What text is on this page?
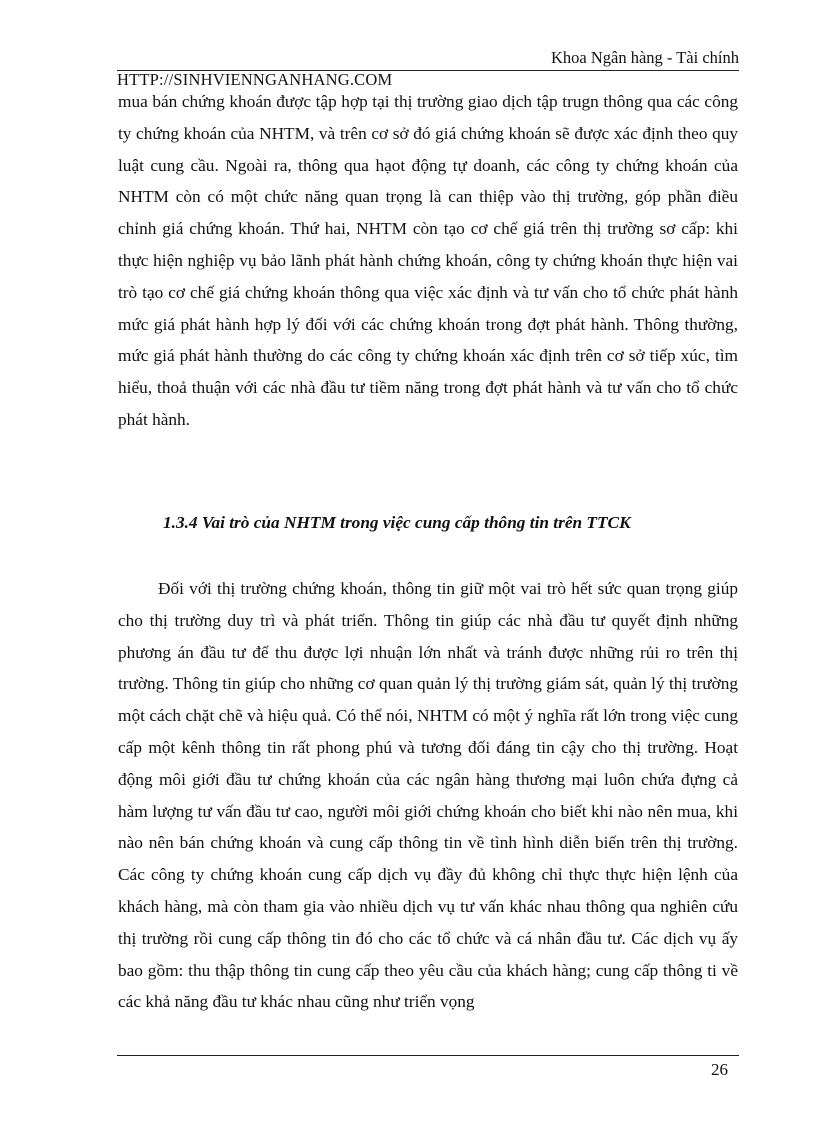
Khoa Ngân hàng - Tài chính
HTTP://SINHVIENNGANHANG.COM
mua bán chứng khoán được tập hợp tại thị trường giao dịch tập trugn thông qua các công ty chứng khoán của NHTM, và trên cơ sở đó giá chứng khoán sẽ được xác định theo quy luật cung cầu. Ngoài ra, thông qua hạot động tự doanh, các công ty chứng khoán của NHTM còn có một chức năng quan trọng là can thiệp vào thị trường, góp phần điều chỉnh giá chứng khoán. Thứ hai, NHTM còn tạo cơ chế giá trên thị trường sơ cấp: khi thực hiện nghiệp vụ bảo lãnh phát hành chứng khoán, công ty chứng khoán thực hiện vai trò tạo cơ chế giá chứng khoán thông qua việc xác định và tư vấn cho tổ chức phát hành mức giá phát hành hợp lý đối với các chứng khoán trong đợt phát hành. Thông thường, mức giá phát hành thường do các công ty chứng khoán xác định trên cơ sở tiếp xúc, tìm hiểu, thoả thuận với các nhà đầu tư tiềm năng trong đợt phát hành và tư vấn cho tổ chức phát hành.
1.3.4 Vai trò của NHTM trong việc cung cấp thông tin trên TTCK
Đối với thị trường chứng khoán, thông tin giữ một vai trò hết sức quan trọng giúp cho thị trường duy trì và phát triển. Thông tin giúp các nhà đầu tư quyết định những phương án đầu tư để thu được lợi nhuận lớn nhất và tránh được những rủi ro trên thị trường. Thông tin giúp cho những cơ quan quản lý thị trường giám sát, quản lý thị trường một cách chặt chẽ và hiệu quả. Có thể nói, NHTM có một ý nghĩa rất lớn trong việc cung cấp một kênh thông tin rất phong phú và tương đối đáng tin cậy cho thị trường. Hoạt động môi giới đầu tư chứng khoán của các ngân hàng thương mại luôn chứa đựng cả hàm lượng tư vấn đầu tư cao, người môi giới chứng khoán cho biết khi nào nên mua, khi nào nên bán chứng khoán và cung cấp thông tin về tình hình diễn biến trên thị trường. Các công ty chứng khoán cung cấp dịch vụ đầy đủ không chỉ thực thực hiện lệnh của khách hàng, mà còn tham gia vào nhiều dịch vụ tư vấn khác nhau thông qua nghiên cứu thị trường rồi cung cấp thông tin đó cho các tổ chức và cá nhân đầu tư. Các dịch vụ ấy bao gồm: thu thập thông tin cung cấp theo yêu cầu của khách hàng; cung cấp thông ti về các khả năng đầu tư khác nhau cũng như triển vọng
26
